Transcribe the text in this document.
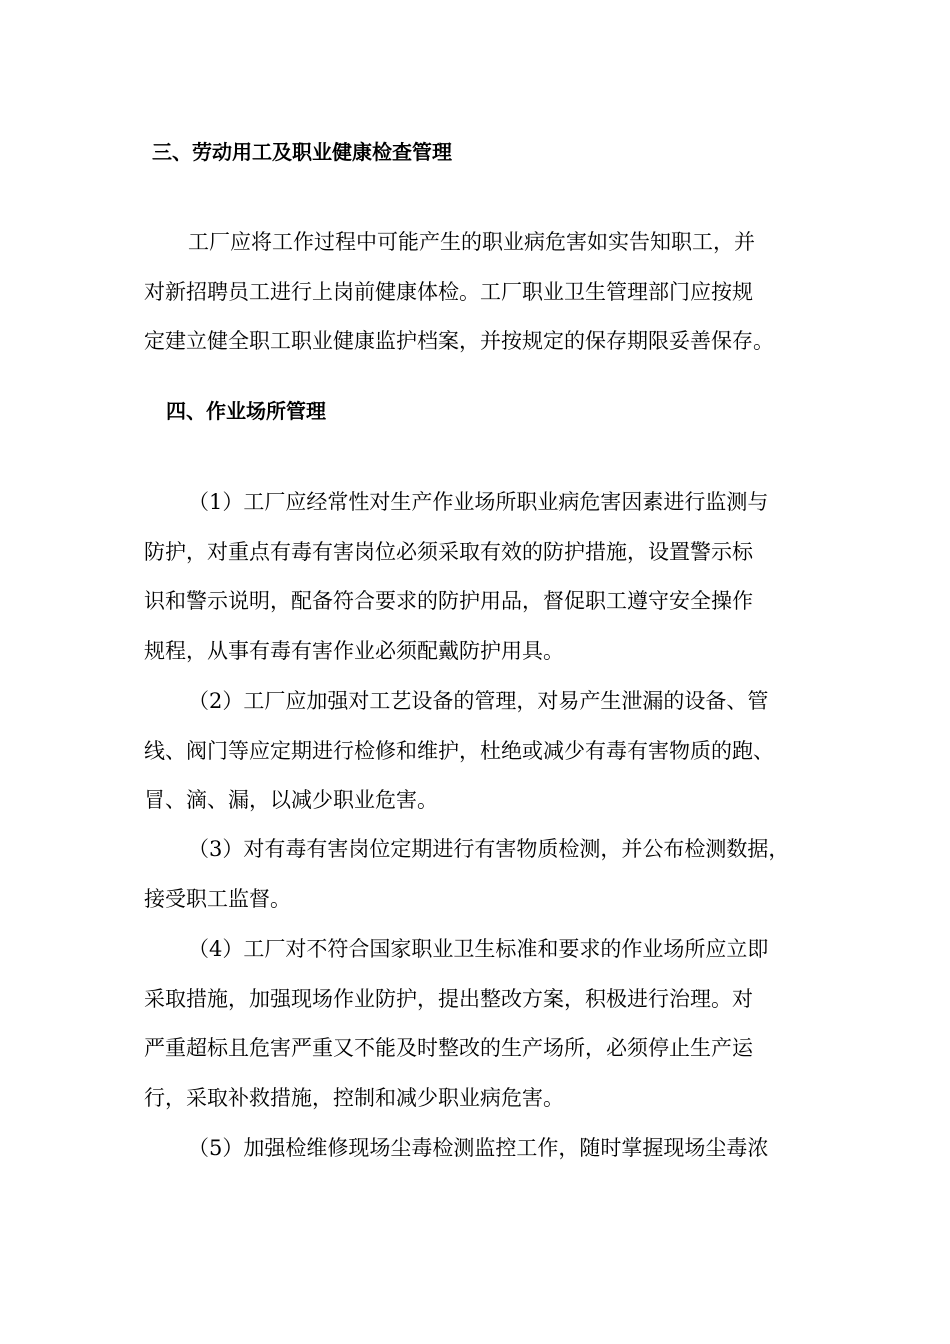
三、劳动用工及职业健康检查管理
工厂应将工作过程中可能产生的职业病危害如实告知职工，并
对新招聘员工进行上岗前健康体检。工厂职业卫生管理部门应按规
定建立健全职工职业健康监护档案，并按规定的保存期限妥善保存。
四、作业场所管理
（1）工厂应经常性对生产作业场所职业病危害因素进行监测与
防护，对重点有毒有害岗位必须采取有效的防护措施，设置警示标
识和警示说明，配备符合要求的防护用品，督促职工遵守安全操作
规程，从事有毒有害作业必须配戴防护用具。
（2）工厂应加强对工艺设备的管理，对易产生泄漏的设备、管
线、阀门等应定期进行检修和维护，杜绝或减少有毒有害物质的跑、
冒、滴、漏，以减少职业危害。
（3）对有毒有害岗位定期进行有害物质检测，并公布检测数据，
接受职工监督。
（4）工厂对不符合国家职业卫生标准和要求的作业场所应立即
采取措施，加强现场作业防护，提出整改方案，积极进行治理。对
严重超标且危害严重又不能及时整改的生产场所，必须停止生产运
行，采取补救措施，控制和减少职业病危害。
（5）加强检维修现场尘毒检测监控工作，随时掌握现场尘毒浓
